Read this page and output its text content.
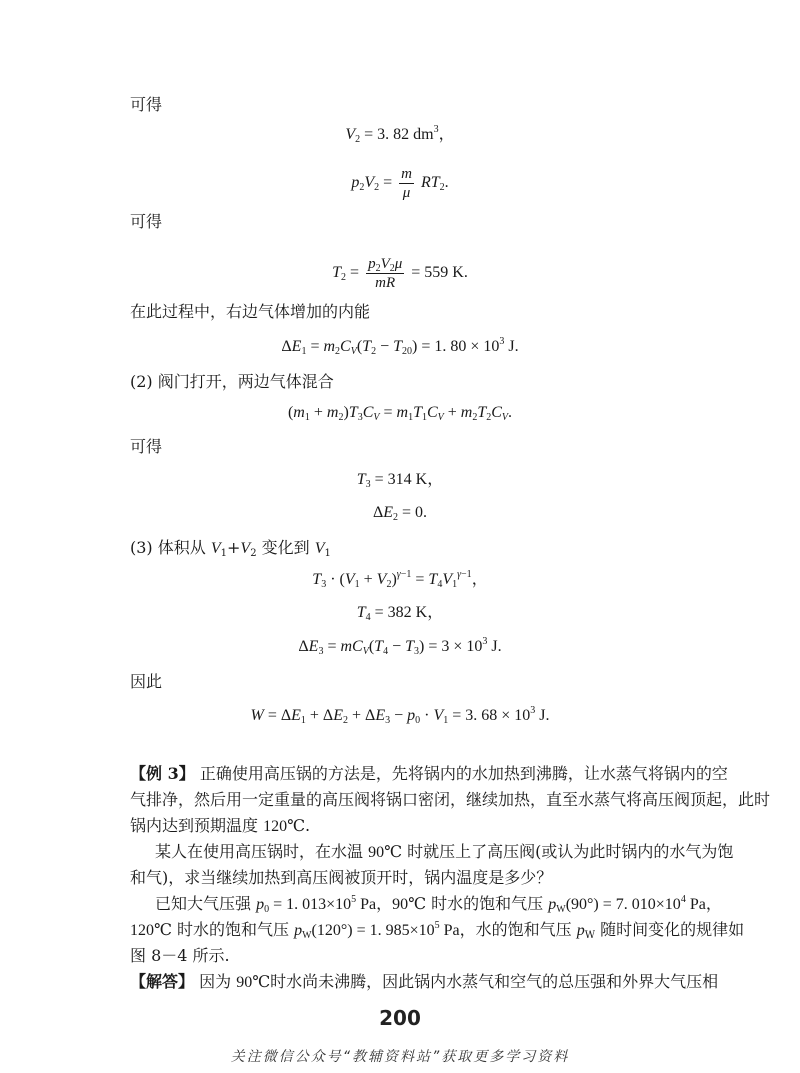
可得
$V_2 = 3$. 82 $dm^3$，
$p_2V_2 = \frac{m}{\mu} RT_2$.
可得
$T_2 = \frac{p_2V_2\mu}{mR} = 559$ K.
在此过程中，右边气体增加的内能
$\Delta E_1 = m_2C_V(T_2 - T_{20}) = 1$. $80 \times 10^3$ J.
(2) 阀门打开，两边气体混合
$(m_1 + m_2)T_3C_V = m_1T_1C_V + m_2T_2C_V$.
可得
$T_3 = 314$ K，
$\Delta E_2 = 0$.
(3) 体积从 $V_1+V_2$ 变化到 $V_1$
$T_3 \cdot (V_1 + V_2)^{\gamma-1} = T_4V_1^{\gamma-1}$，
$T_4 = 382$ K，
$\Delta E_3 = mC_V(T_4 - T_3) = 3 \times 10^3$ J.
因此
$W = \Delta E_1 + \Delta E_2 + \Delta E_3 - p_0 \cdot V_1 = 3$. $68 \times 10^3$ J.
【例 3】 正确使用高压锅的方法是，先将锅内的水加热到沸腾，让水蒸气将锅内的空
气排净，然后用一定重量的高压阀将锅口密闭，继续加热，直至水蒸气将高压阀顶起，此时
锅内达到预期温度 120℃.
某人在使用高压锅时，在水温 90℃ 时就压上了高压阀(或认为此时锅内的水气为饱
和气)，求当继续加热到高压阀被顶开时，锅内温度是多少？
已知大气压强 $p_0 = 1$. $013\times 10^5$ Pa，90℃ 时水的饱和气压 $p_W(90^\circ) = 7$. $010\times 10^4$ Pa，
120℃ 时水的饱和气压 $p_W(120^\circ) = 1$. $985\times 10^5$ Pa，水的饱和气压 $p_W$ 随时间变化的规律如
图 8－4 所示.
【解答】 因为 90℃时水尚未沸腾，因此锅内水蒸气和空气的总压强和外界大气压相
200
关注微信公众号“教辅资料站”获取更多学习资料
